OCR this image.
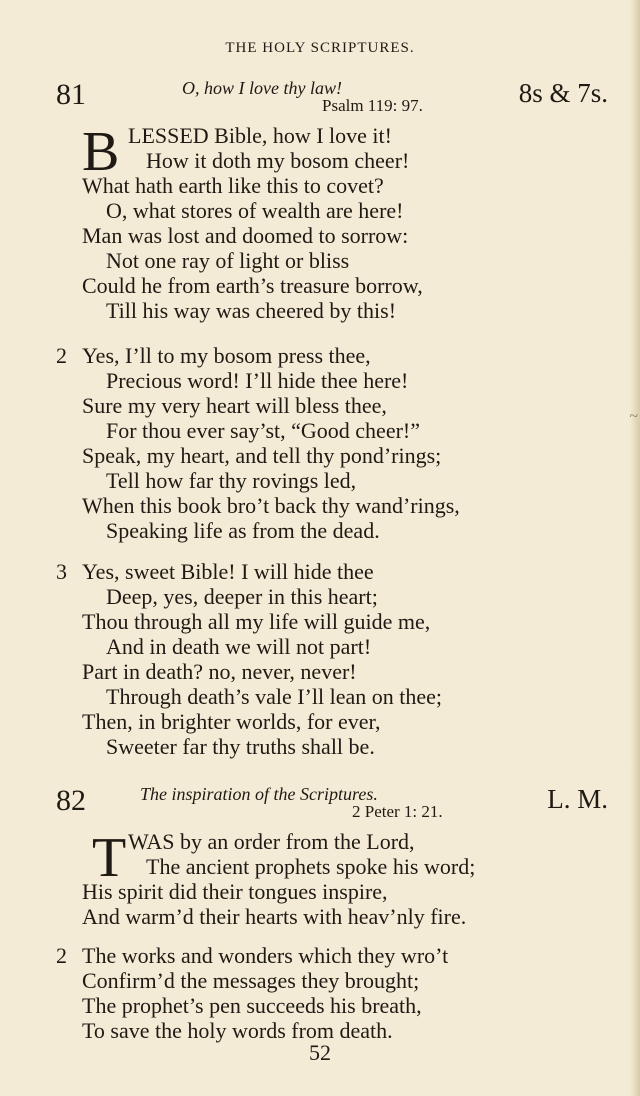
~
THE HOLY SCRIPTURES.
81	O, how I love thy law!
Psalm 119: 97.	8s & 7s.
B LESSED Bible, how I love it!
How it doth my bosom cheer!
What hath earth like this to covet?
O, what stores of wealth are here!
Man was lost and doomed to sorrow:
Not one ray of light or bliss
Could he from earth’s treasure borrow,
Till his way was cheered by this!
2 Yes, I’ll to my bosom press thee,
Precious word! I’ll hide thee here!
Sure my very heart will bless thee,
For thou ever say’st, “Good cheer!”
Speak, my heart, and tell thy pond’rings;
Tell how far thy rovings led,
When this book bro’t back thy wand’rings,
Speaking life as from the dead.
3 Yes, sweet Bible! I will hide thee
Deep, yes, deeper in this heart;
Thou through all my life will guide me,
And in death we will not part!
Part in death? no, never, never!
Through death’s vale I’ll lean on thee;
Then, in brighter worlds, for ever,
Sweeter far thy truths shall be.
82	The inspiration of the Scriptures.
2 Peter 1: 21.	L. M.
T WAS by an order from the Lord,
The ancient prophets spoke his word;
His spirit did their tongues inspire,
And warm’d their hearts with heav’nly fire.
2 The works and wonders which they wro’t
Confirm’d the messages they brought;
The prophet’s pen succeeds his breath,
To save the holy words from death.
52
